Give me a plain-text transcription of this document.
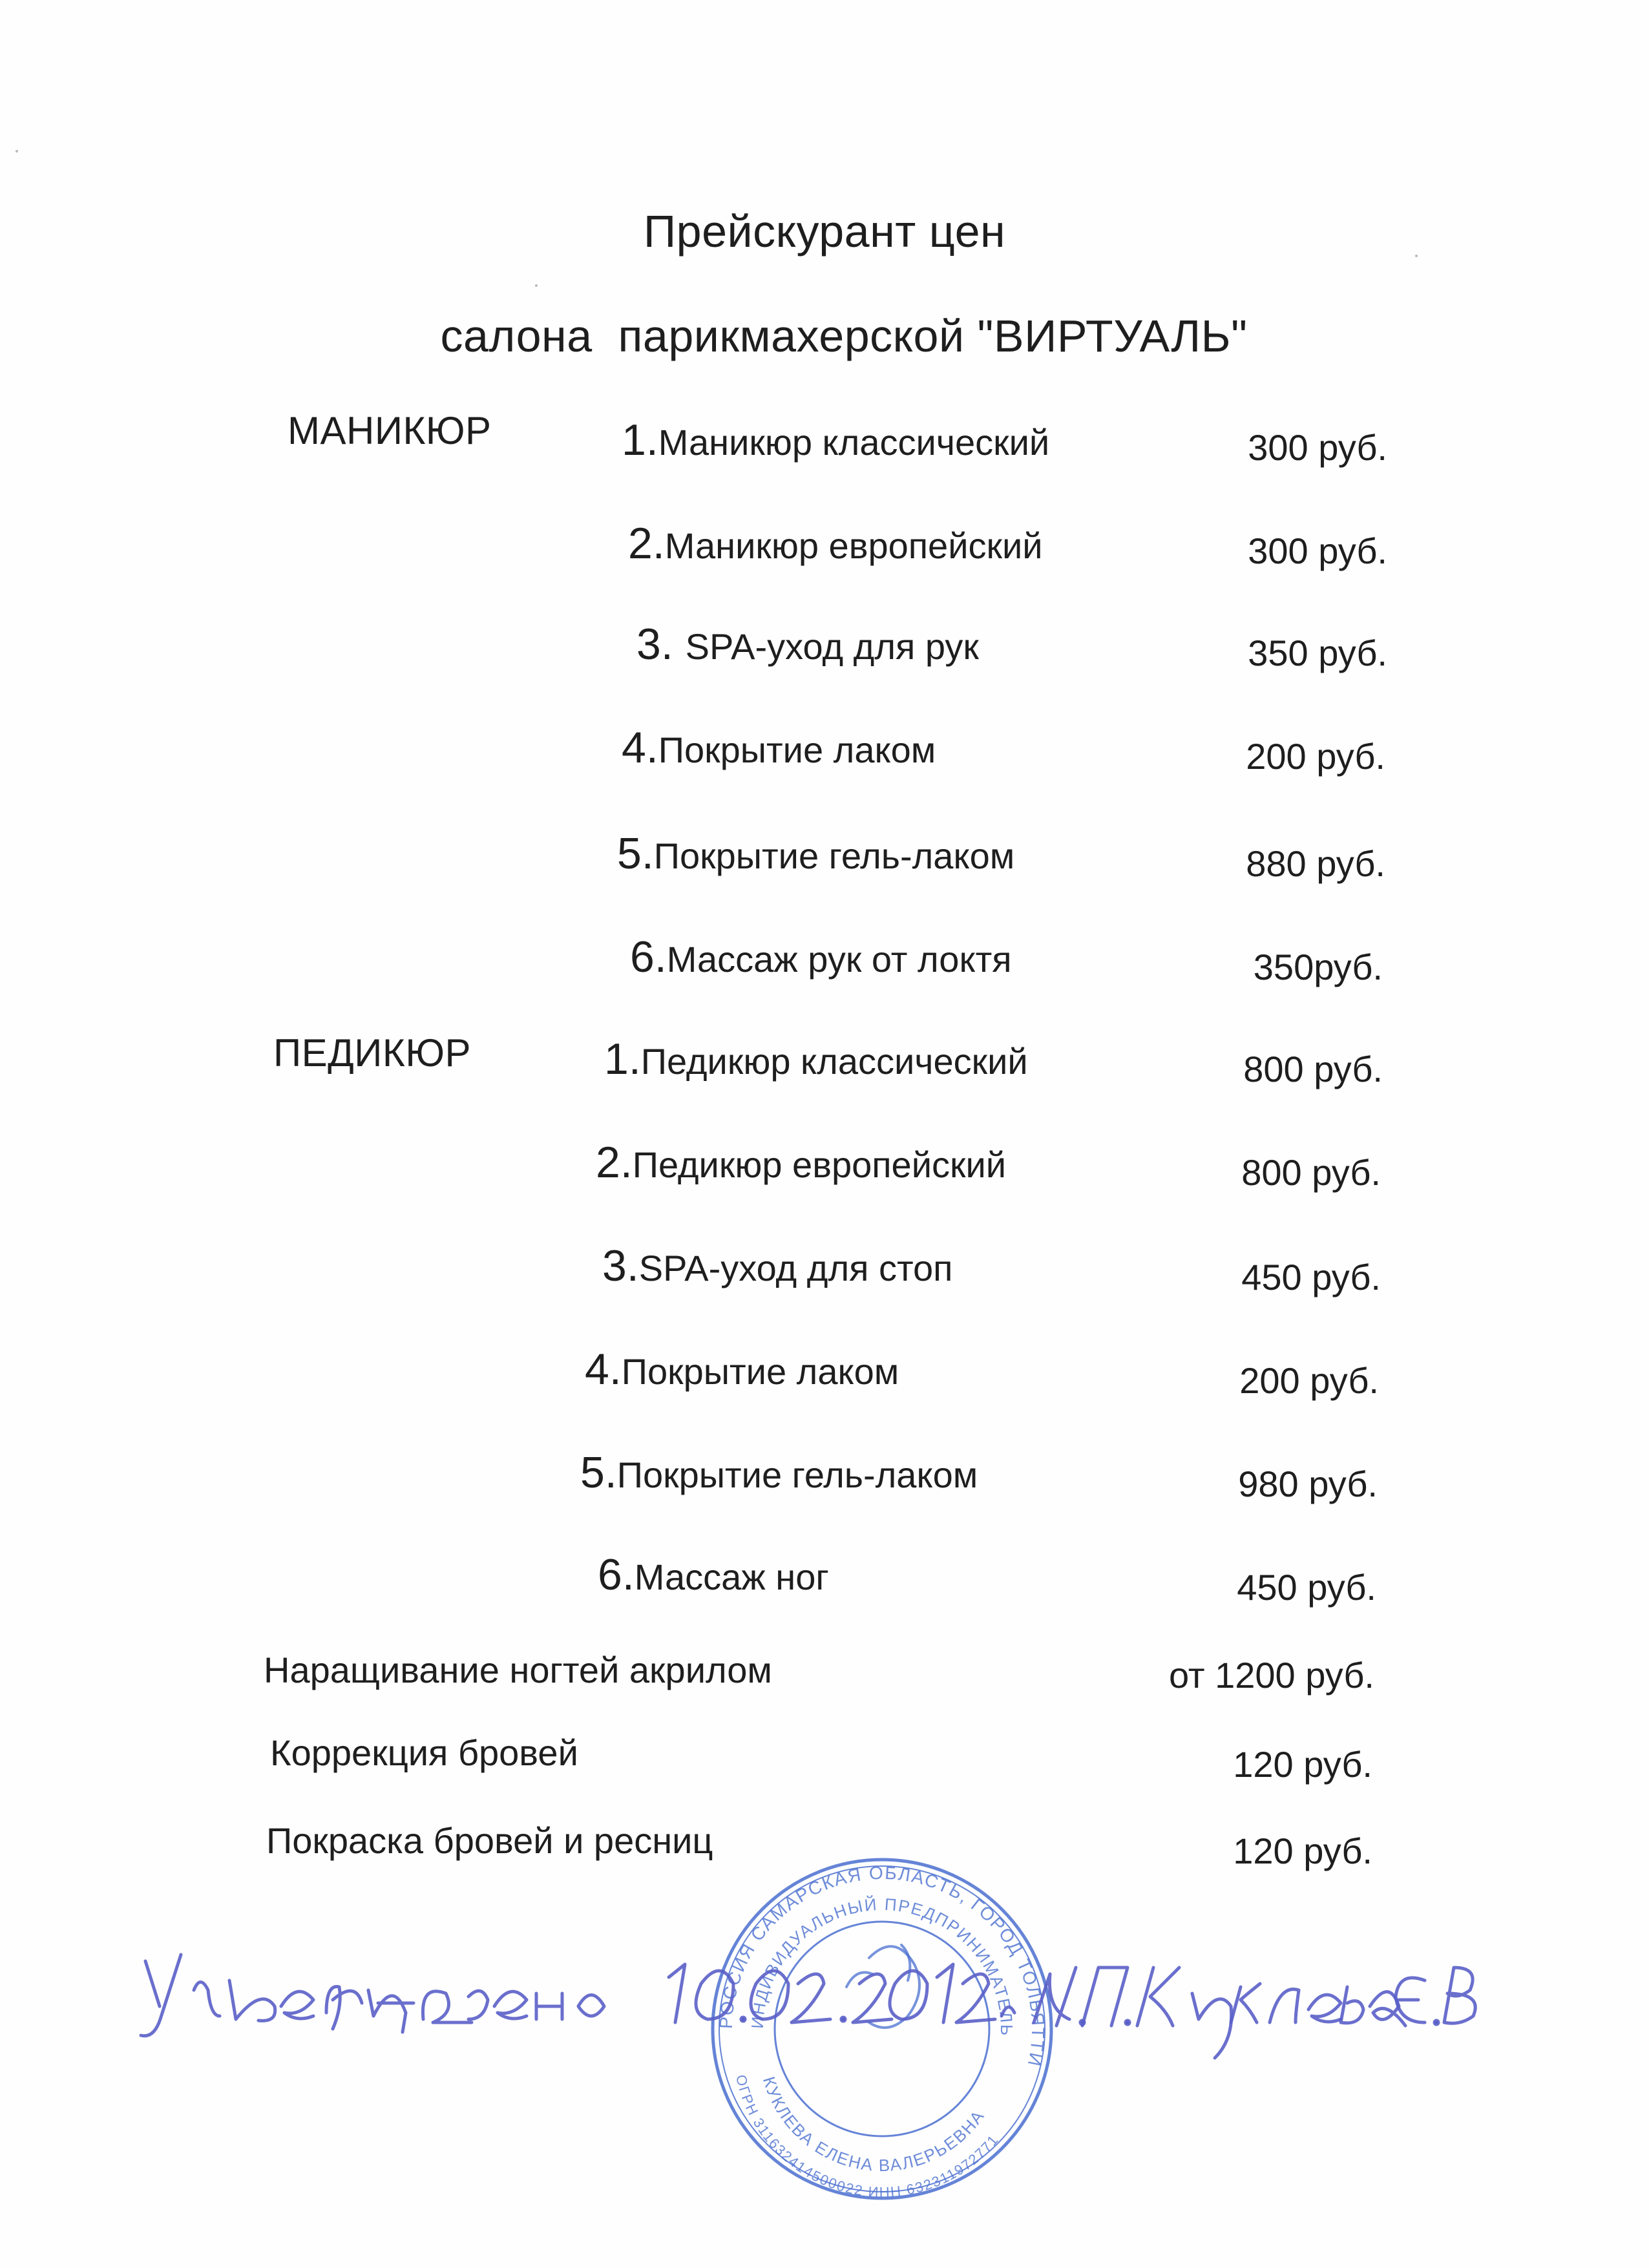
Прейскурант цен
салона  парикмахерской "ВИРТУАЛЬ"
МАНИКЮР	1.Маникюр классический	300 руб.
2.Маникюр европейский	300 руб.
3. SPA-уход для рук	350 руб.
4.Покрытие лаком	200 руб.
5.Покрытие гель-лаком	880 руб.
6.Массаж рук от локтя	350руб.
ПЕДИКЮР	1.Педикюр классический	800 руб.
2.Педикюр европейский	800 руб.
3.SPA-уход для стоп	450 руб.
4.Покрытие лаком	200 руб.
5.Покрытие гель-лаком	980 руб.
6.Массаж ног	450 руб.
Наращивание ногтей акрилом	от 1200 руб.
Коррекция бровей	120 руб.
Покраска бровей и ресниц	120 руб.
РОССИЯ САМАРСКАЯ ОБЛАСТЬ, ГОРОД ТОЛЬЯТТИ
ИНДИВИДУАЛЬНЫЙ ПРЕДПРИНИМАТЕЛЬ
КУКЛЕВА ЕЛЕНА ВАЛЕРЬЕВНА
ОГРН 311632414500022 ИНН 632311972771
Утверждено 10.02.2012г. И.П. Куклева Е.В
